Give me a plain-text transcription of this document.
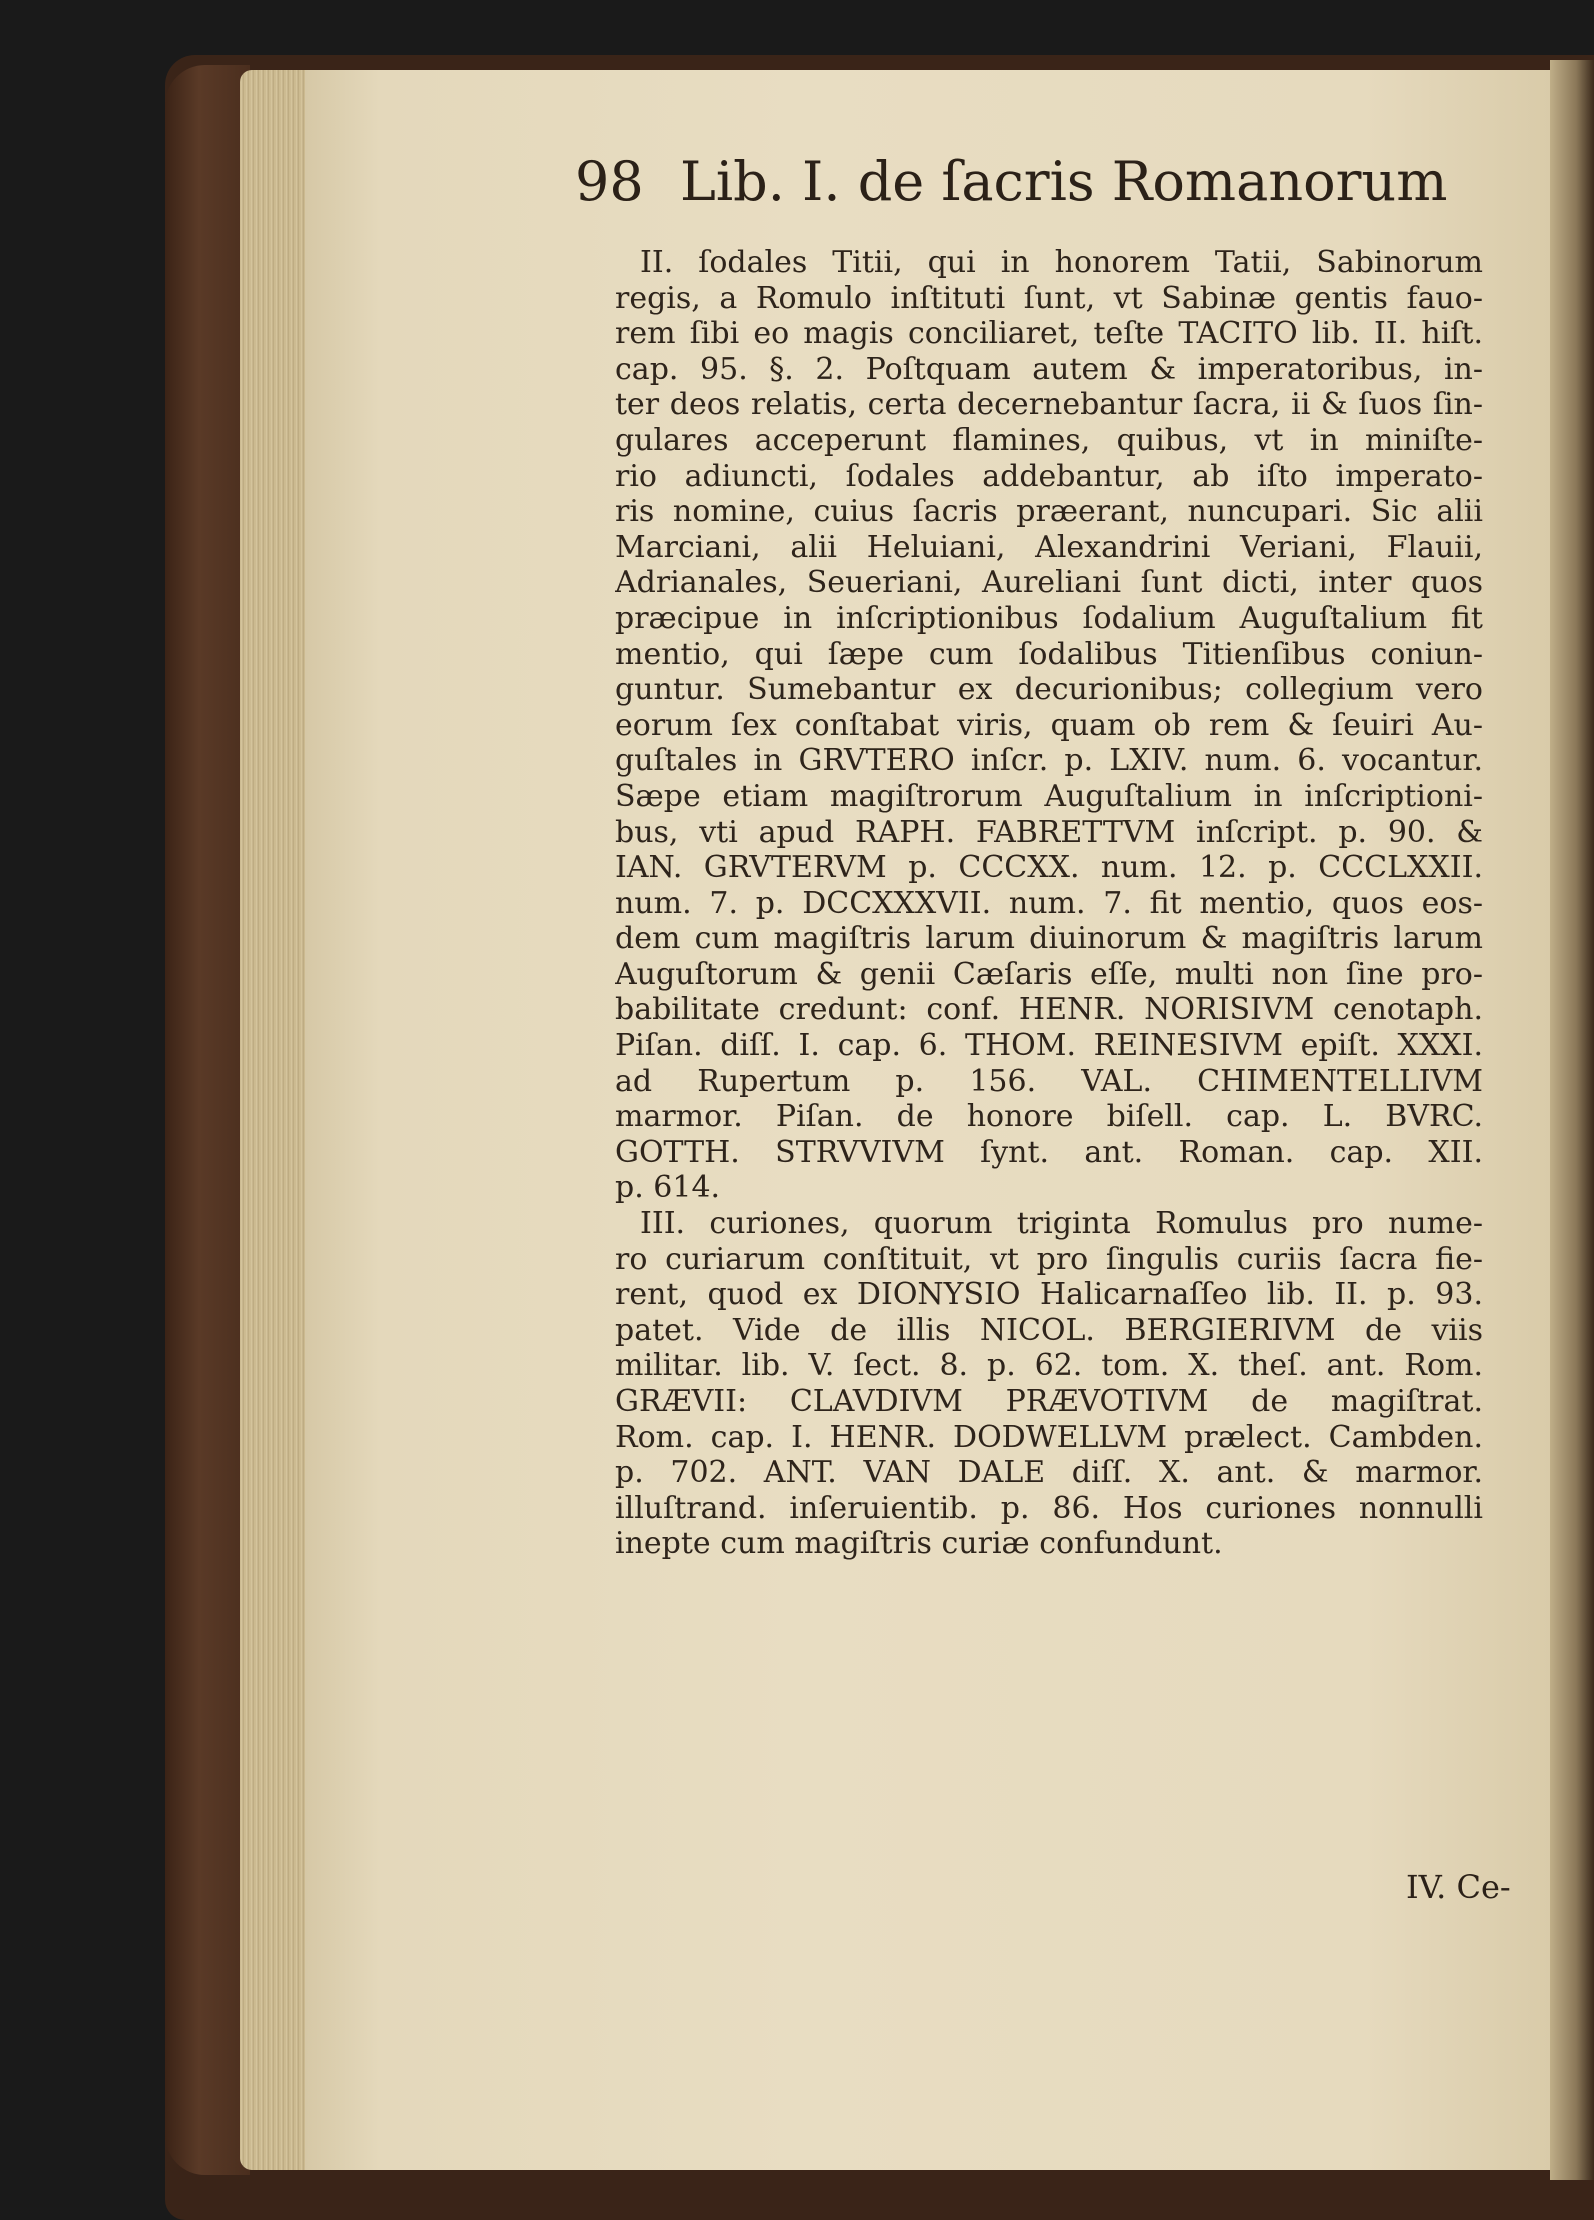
98 Lib. I. de ſacris Romanorum
II. ſodales Titii, qui in honorem Tatii, Sabinorum
regis, a Romulo inſtituti ſunt, vt Sabinæ gentis fauo-
rem ſibi eo magis conciliaret, teſte TACITO lib. II. hiſt.
cap. 95. §. 2. Poſtquam autem & imperatoribus, in-
ter deos relatis, certa decernebantur ſacra, ii & ſuos ſin-
gulares acceperunt flamines, quibus, vt in miniſte-
rio adiuncti, ſodales addebantur, ab iſto imperato-
ris nomine, cuius ſacris præerant, nuncupari. Sic alii
Marciani, alii Heluiani, Alexandrini Veriani, Flauii,
Adrianales, Seueriani, Aureliani ſunt dicti, inter quos
præcipue in inſcriptionibus ſodalium Auguſtalium fit
mentio, qui ſæpe cum ſodalibus Titienſibus coniun-
guntur. Sumebantur ex decurionibus; collegium vero
eorum ſex conſtabat viris, quam ob rem & ſeuiri Au-
guſtales in GRVTERO inſcr. p. LXIV. num. 6. vocantur.
Sæpe etiam magiſtrorum Auguſtalium in inſcriptioni-
bus, vti apud RAPH. FABRETTVM inſcript. p. 90. &
IAN. GRVTERVM p. CCCXX. num. 12. p. CCCLXXII.
num. 7. p. DCCXXXVII. num. 7. fit mentio, quos eos-
dem cum magiſtris larum diuinorum & magiſtris larum
Auguſtorum & genii Cæſaris eſſe, multi non ſine pro-
babilitate credunt: conf. HENR. NORISIVM cenotaph.
Piſan. diſſ. I. cap. 6. THOM. REINESIVM epiſt. XXXI.
ad Rupertum p. 156. VAL. CHIMENTELLIVM
marmor. Piſan. de honore biſell. cap. L. BVRC.
GOTTH. STRVVIVM ſynt. ant. Roman. cap. XII.
p. 614.
III. curiones, quorum triginta Romulus pro nume-
ro curiarum conſtituit, vt pro ſingulis curiis ſacra fie-
rent, quod ex DIONYSIO Halicarnaſſeo lib. II. p. 93.
patet. Vide de illis NICOL. BERGIERIVM de viis
militar. lib. V. ſect. 8. p. 62. tom. X. theſ. ant. Rom.
GRÆVII: CLAVDIVM PRÆVOTIVM de magiſtrat.
Rom. cap. I. HENR. DODWELLVM prælect. Cambden.
p. 702. ANT. VAN DALE diſſ. X. ant. & marmor.
illuſtrand. inſeruientib. p. 86. Hos curiones nonnulli
inepte cum magiſtris curiæ confundunt.
IV. Ce-
